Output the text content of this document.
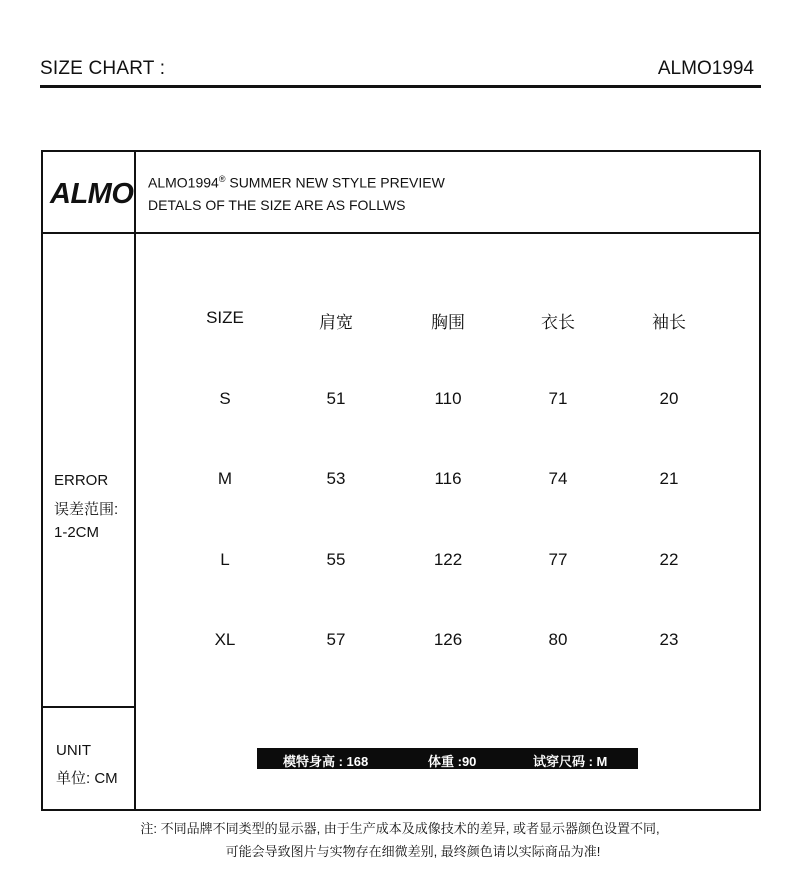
SIZE CHART :	ALMO1994
ALMO ALMO1994® SUMMER NEW STYLE PREVIEW
DETALS OF THE SIZE ARE AS FOLLWS
ERROR
误差范围:
1-2CM
UNIT
单位: CM
SIZE	肩宽	胸围	衣长	袖长
S	51	110	71	20
M	53	116	74	21
L	55	122	77	22
XL	57	126	80	23
模特身高 : 168	体重 :90	试穿尺码 : M
注: 不同品牌不同类型的显示器, 由于生产成本及成像技术的差异, 或者显示器颜色设置不同,
可能会导致图片与实物存在细微差别, 最终颜色请以实际商品为准!
